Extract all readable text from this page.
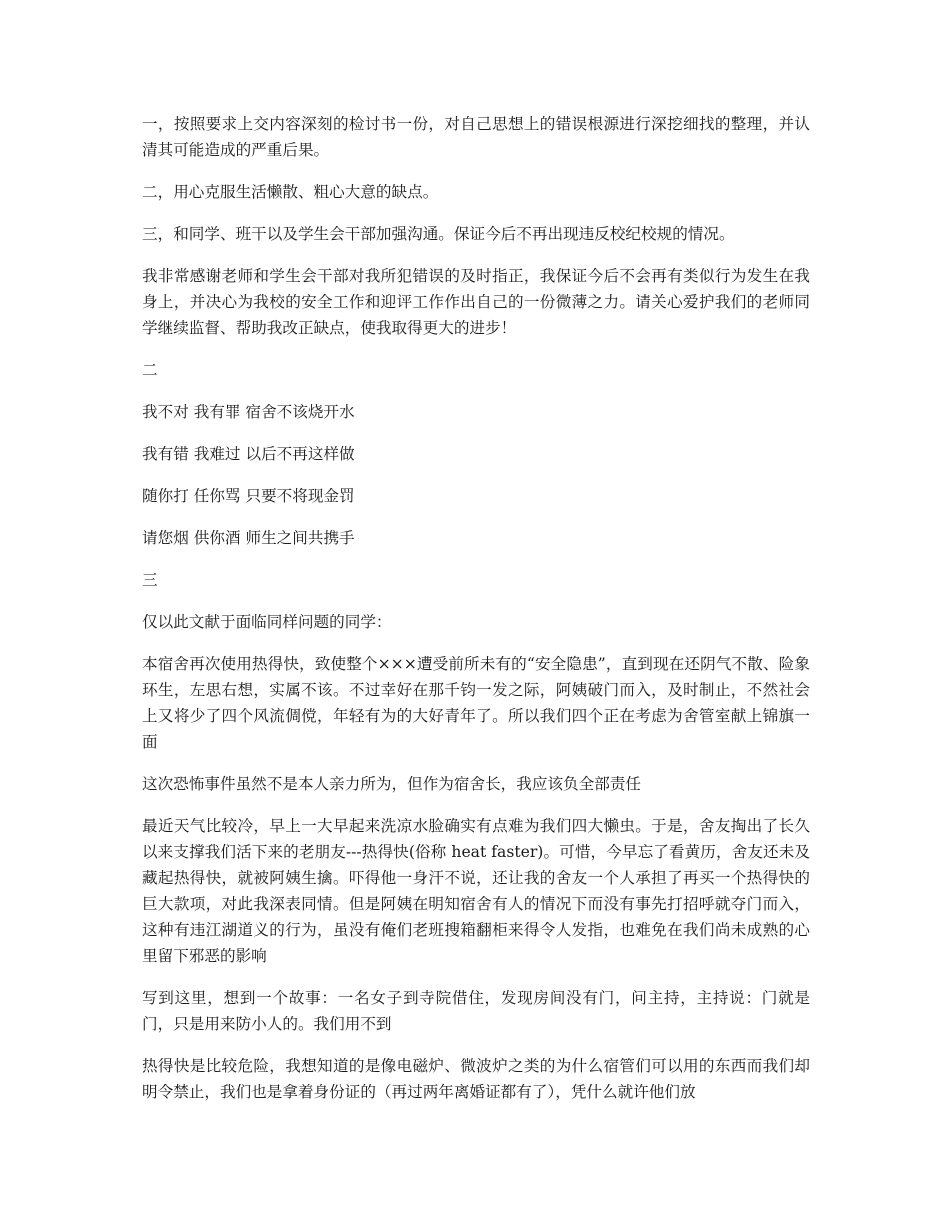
一，按照要求上交内容深刻的检讨书一份，对自己思想上的错误根源进行深挖细找的整理，并认清其可能造成的严重后果。

二，用心克服生活懒散、粗心大意的缺点。

三，和同学、班干以及学生会干部加强沟通。保证今后不再出现违反校纪校规的情况。

我非常感谢老师和学生会干部对我所犯错误的及时指正，我保证今后不会再有类似行为发生在我身上，并决心为我校的安全工作和迎评工作作出自己的一份微薄之力。请关心爱护我们的老师同学继续监督、帮助我改正缺点，使我取得更大的进步！

二

我不对 我有罪 宿舍不该烧开水

我有错 我难过 以后不再这样做

随你打 任你骂 只要不将现金罚

请您烟 供你酒 师生之间共携手

三

仅以此文献于面临同样问题的同学：

本宿舍再次使用热得快，致使整个×××遭受前所未有的“安全隐患”，直到现在还阴气不散、险象环生，左思右想，实属不该。不过幸好在那千钧一发之际，阿姨破门而入，及时制止，不然社会上又将少了四个风流倜傥，年轻有为的大好青年了。所以我们四个正在考虑为舍管室献上锦旗一面

这次恐怖事件虽然不是本人亲力所为，但作为宿舍长，我应该负全部责任

最近天气比较冷，早上一大早起来洗凉水脸确实有点难为我们四大懒虫。于是，舍友掏出了长久以来支撑我们活下来的老朋友---热得快(俗称 heat faster)。可惜，今早忘了看黄历，舍友还未及藏起热得快，就被阿姨生擒。吓得他一身汗不说，还让我的舍友一个人承担了再买一个热得快的巨大款项，对此我深表同情。但是阿姨在明知宿舍有人的情况下而没有事先打招呼就夺门而入，这种有违江湖道义的行为，虽没有俺们老班搜箱翻柜来得令人发指，也难免在我们尚未成熟的心里留下邪恶的影响

写到这里，想到一个故事：一名女子到寺院借住，发现房间没有门，问主持，主持说：门就是门，只是用来防小人的。我们用不到

热得快是比较危险，我想知道的是像电磁炉、微波炉之类的为什么宿管们可以用的东西而我们却明令禁止，我们也是拿着身份证的（再过两年离婚证都有了），凭什么就许他们放
